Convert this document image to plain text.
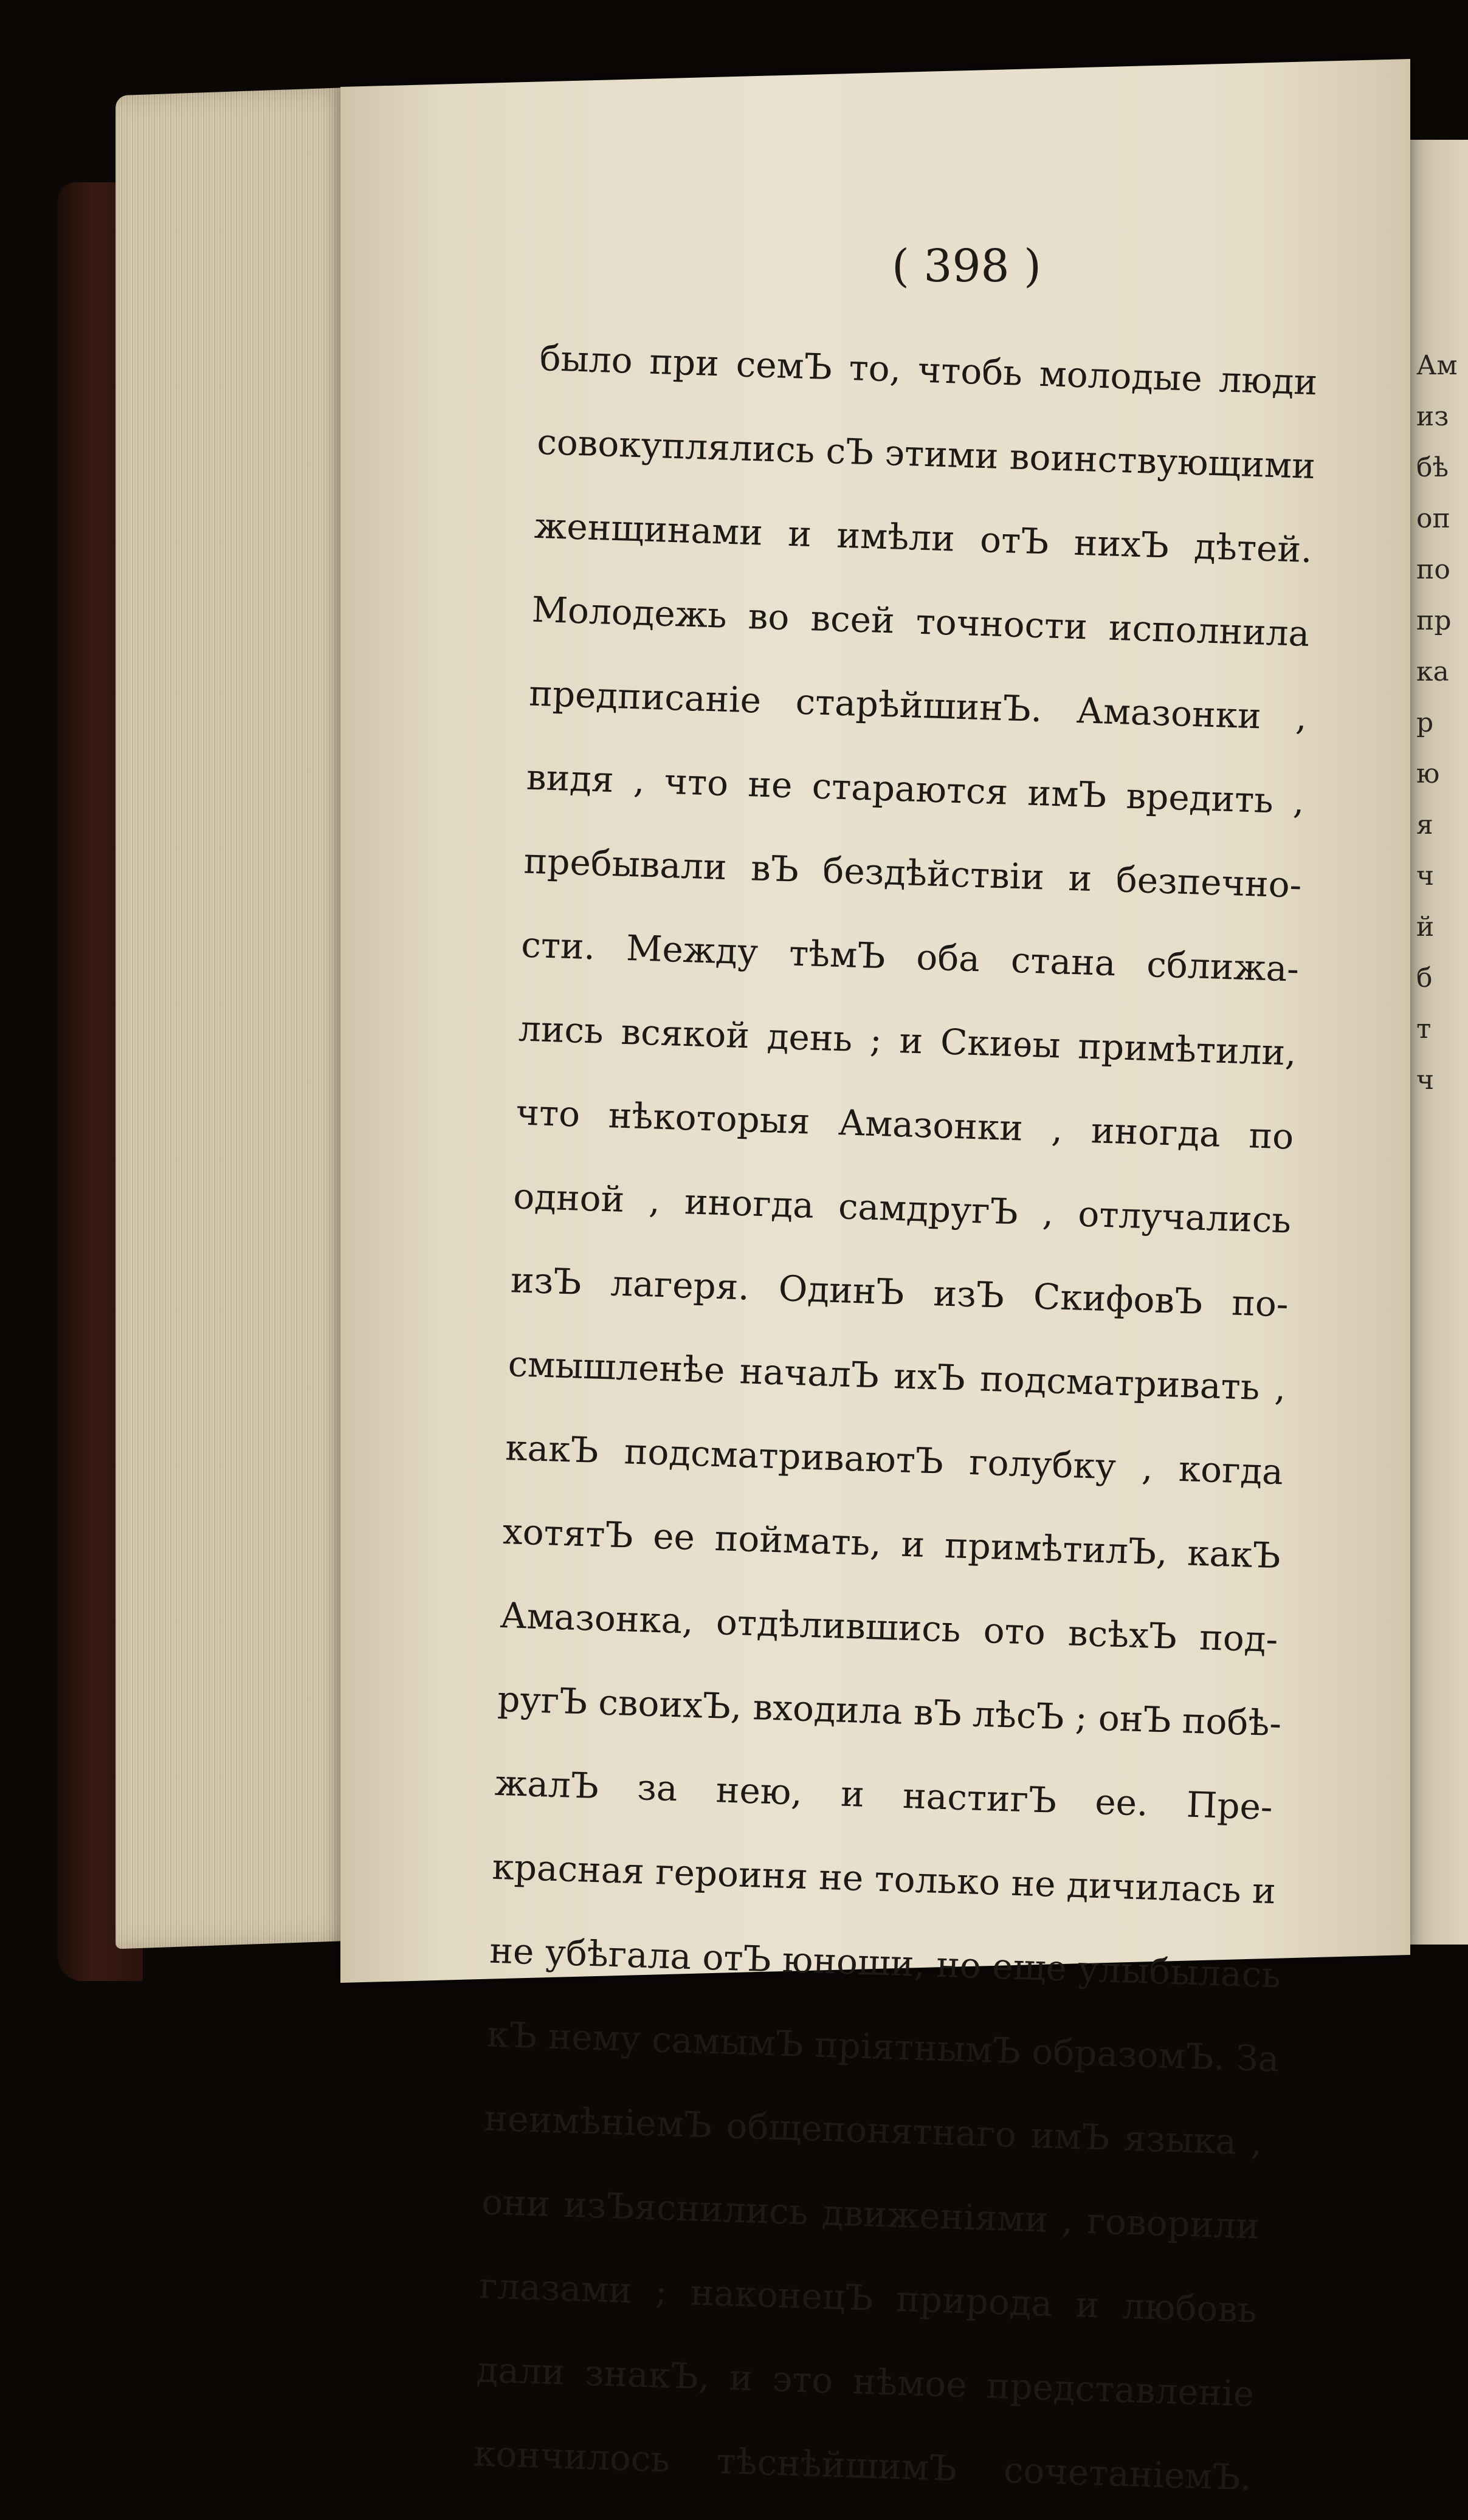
Ам
из
бѣ
оп
по
пр
ка
р
ю
я
ч
й
б
т
ч
( 398 )
было при семЪ то, чтобь молодые люди
совокуплялись сЪ этими воинствующими
женщинами и имѣли отЪ нихЪ дѣтей.
Молодежь во всей точности исполнила
предписаніе старѣйшинЪ. Амазонки ,
видя , что не стараются имЪ вредить ,
пребывали вЪ бездѣйствіи и безпечно-
сти. Между тѣмЪ оба стана сближа-
лись всякой день ; и Скиѳы примѣтили,
что нѣкоторыя Амазонки , иногда по
одной , иногда самдругЪ , отлучались
изЪ лагеря. ОдинЪ изЪ СкифовЪ по-
смышленѣе началЪ ихЪ подсматривать ,
какЪ подсматриваютЪ голубку , когда
хотятЪ ее поймать, и примѣтилЪ, какЪ
Амазонка, отдѣлившись ото всѣхЪ под-
ругЪ своихЪ, входила вЪ лѣсЪ ; онЪ побѣ-
жалЪ за нею, и настигЪ ее. Пре-
красная героиня не только не дичилась и
не убѣгала отЪ юноши, но еще улыбылась
кЪ нему самымЪ пріятнымЪ образомЪ. За
неимѣніемЪ общепонятнаго имЪ языка ,
они изЪяснились движеніями , говорили
глазами ; наконецЪ природа и любовь
дали знакЪ, и это нѣмое представленіе
кончилось тѣснѣйшимЪ сочетаніемЪ.
